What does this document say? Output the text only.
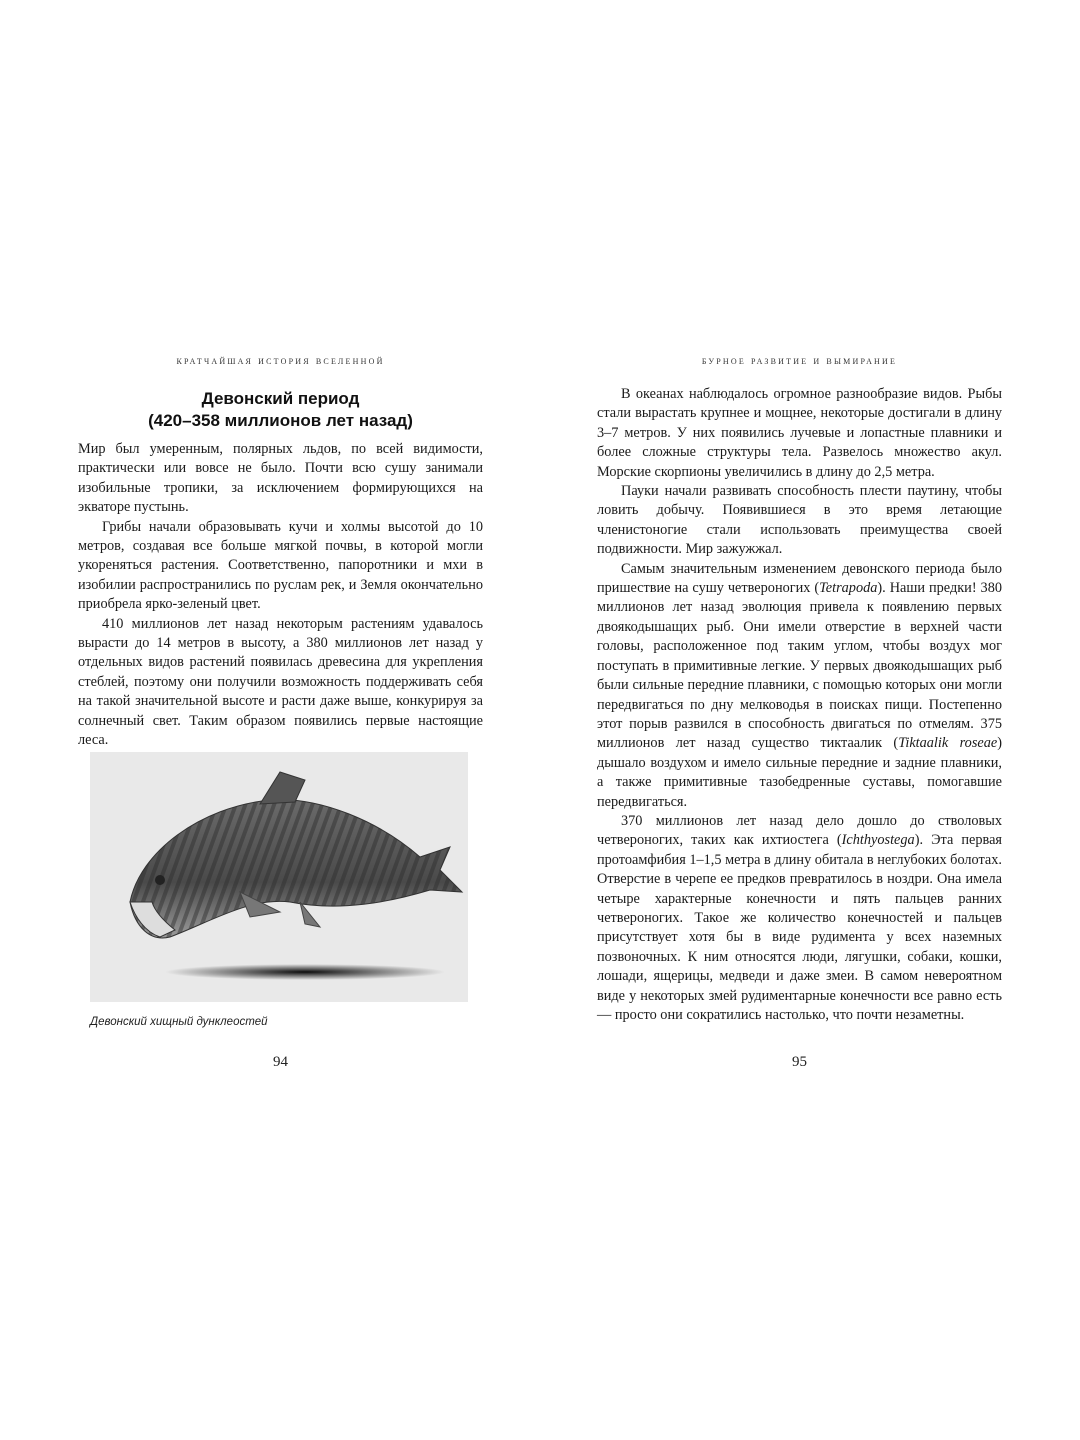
кратчайшая история вселенной
Девонский период
(420–358 миллионов лет назад)

Мир был умеренным, полярных льдов, по всей видимости, практически или вовсе не было. Почти всю сушу занимали изобильные тропики, за исключением формирующихся на экваторе пустынь.

Грибы начали образовывать кучи и холмы высотой до 10 метров, создавая все больше мягкой почвы, в которой могли укореняться растения. Соответственно, папоротники и мхи в изобилии распространились по руслам рек, и Земля окончательно приобрела ярко-зеленый цвет.

410 миллионов лет назад некоторым растениям удавалось вырасти до 14 метров в высоту, а 380 миллионов лет назад у отдельных видов растений появилась древесина для укрепления стеблей, поэтому они получили возможность поддерживать себя на такой значительной высоте и расти даже выше, конкурируя за солнечный свет. Таким образом появились первые настоящие леса.

Девонский хищный дунклеостей
94
бурное развитие и вымирание

В океанах наблюдалось огромное разнообразие видов. Рыбы стали вырастать крупнее и мощнее, некоторые достигали в длину 3–7 метров. У них появились лучевые и лопастные плавники и более сложные структуры тела. Развелось множество акул. Морские скорпионы увеличились в длину до 2,5 метра.

Пауки начали развивать способность плести паутину, чтобы ловить добычу. Появившиеся в это время летающие членистоногие стали использовать преимущества своей подвижности. Мир зажужжал.

Самым значительным изменением девонского периода было пришествие на сушу четвероногих (Tetrapoda). Наши предки! 380 миллионов лет назад эволюция привела к появлению первых двоякодышащих рыб. Они имели отверстие в верхней части головы, расположенное под таким углом, чтобы воздух мог поступать в примитивные легкие. У первых двоякодышащих рыб были сильные передние плавники, с помощью которых они могли передвигаться по дну мелководья в поисках пищи. Постепенно этот порыв развился в способность двигаться по отмелям. 375 миллионов лет назад существо тиктаалик (Tiktaalik roseae) дышало воздухом и имело сильные передние и задние плавники, а также примитивные тазобедренные суставы, помогавшие передвигаться.

370 миллионов лет назад дело дошло до стволовых четвероногих, таких как ихтиостега (Ichthyostega). Эта первая протоамфибия 1–1,5 метра в длину обитала в неглубоких болотах. Отверстие в черепе ее предков превратилось в ноздри. Она имела четыре характерные конечности и пять пальцев ранних четвероногих. Такое же количество конечностей и пальцев присутствует хотя бы в виде рудимента у всех наземных позвоночных. К ним относятся люди, лягушки, собаки, кошки, лошади, ящерицы, медведи и даже змеи. В самом невероятном виде у некоторых змей рудиментарные конечности все равно есть — просто они сократились настолько, что почти незаметны.

95
